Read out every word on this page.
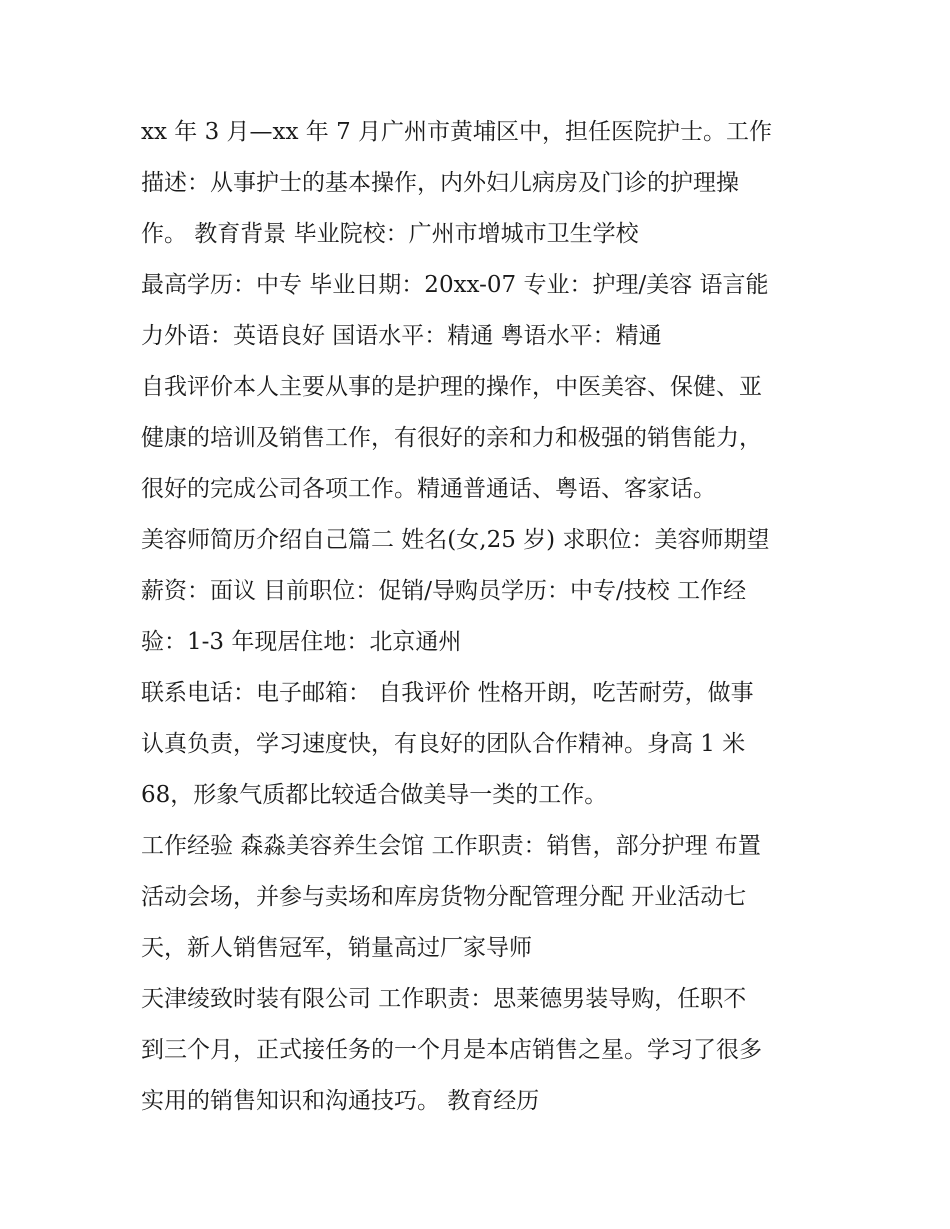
xx 年 3 月—xx 年 7 月广州市黄埔区中，担任医院护士。工作
描述：从事护士的基本操作，内外妇儿病房及门诊的护理操
作。 教育背景 毕业院校：广州市增城市卫生学校
最高学历：中专 毕业日期：20xx-07 专业：护理/美容 语言能
力外语：英语良好 国语水平：精通 粤语水平：精通
自我评价本人主要从事的是护理的操作，中医美容、保健、亚
健康的培训及销售工作，有很好的亲和力和极强的销售能力，
很好的完成公司各项工作。精通普通话、粤语、客家话。
美容师简历介绍自己篇二 姓名(女,25 岁) 求职位：美容师期望
薪资：面议 目前职位：促销/导购员学历：中专/技校 工作经
验：1-3 年现居住地：北京通州
联系电话：电子邮箱： 自我评价 性格开朗，吃苦耐劳，做事
认真负责，学习速度快，有良好的团队合作精神。身高 1 米
68，形象气质都比较适合做美导一类的工作。
工作经验 森淼美容养生会馆 工作职责：销售，部分护理 布置
活动会场，并参与卖场和库房货物分配管理分配 开业活动七
天，新人销售冠军，销量高过厂家导师
天津绫致时装有限公司 工作职责：思莱德男装导购，任职不
到三个月，正式接任务的一个月是本店销售之星。学习了很多
实用的销售知识和沟通技巧。 教育经历
